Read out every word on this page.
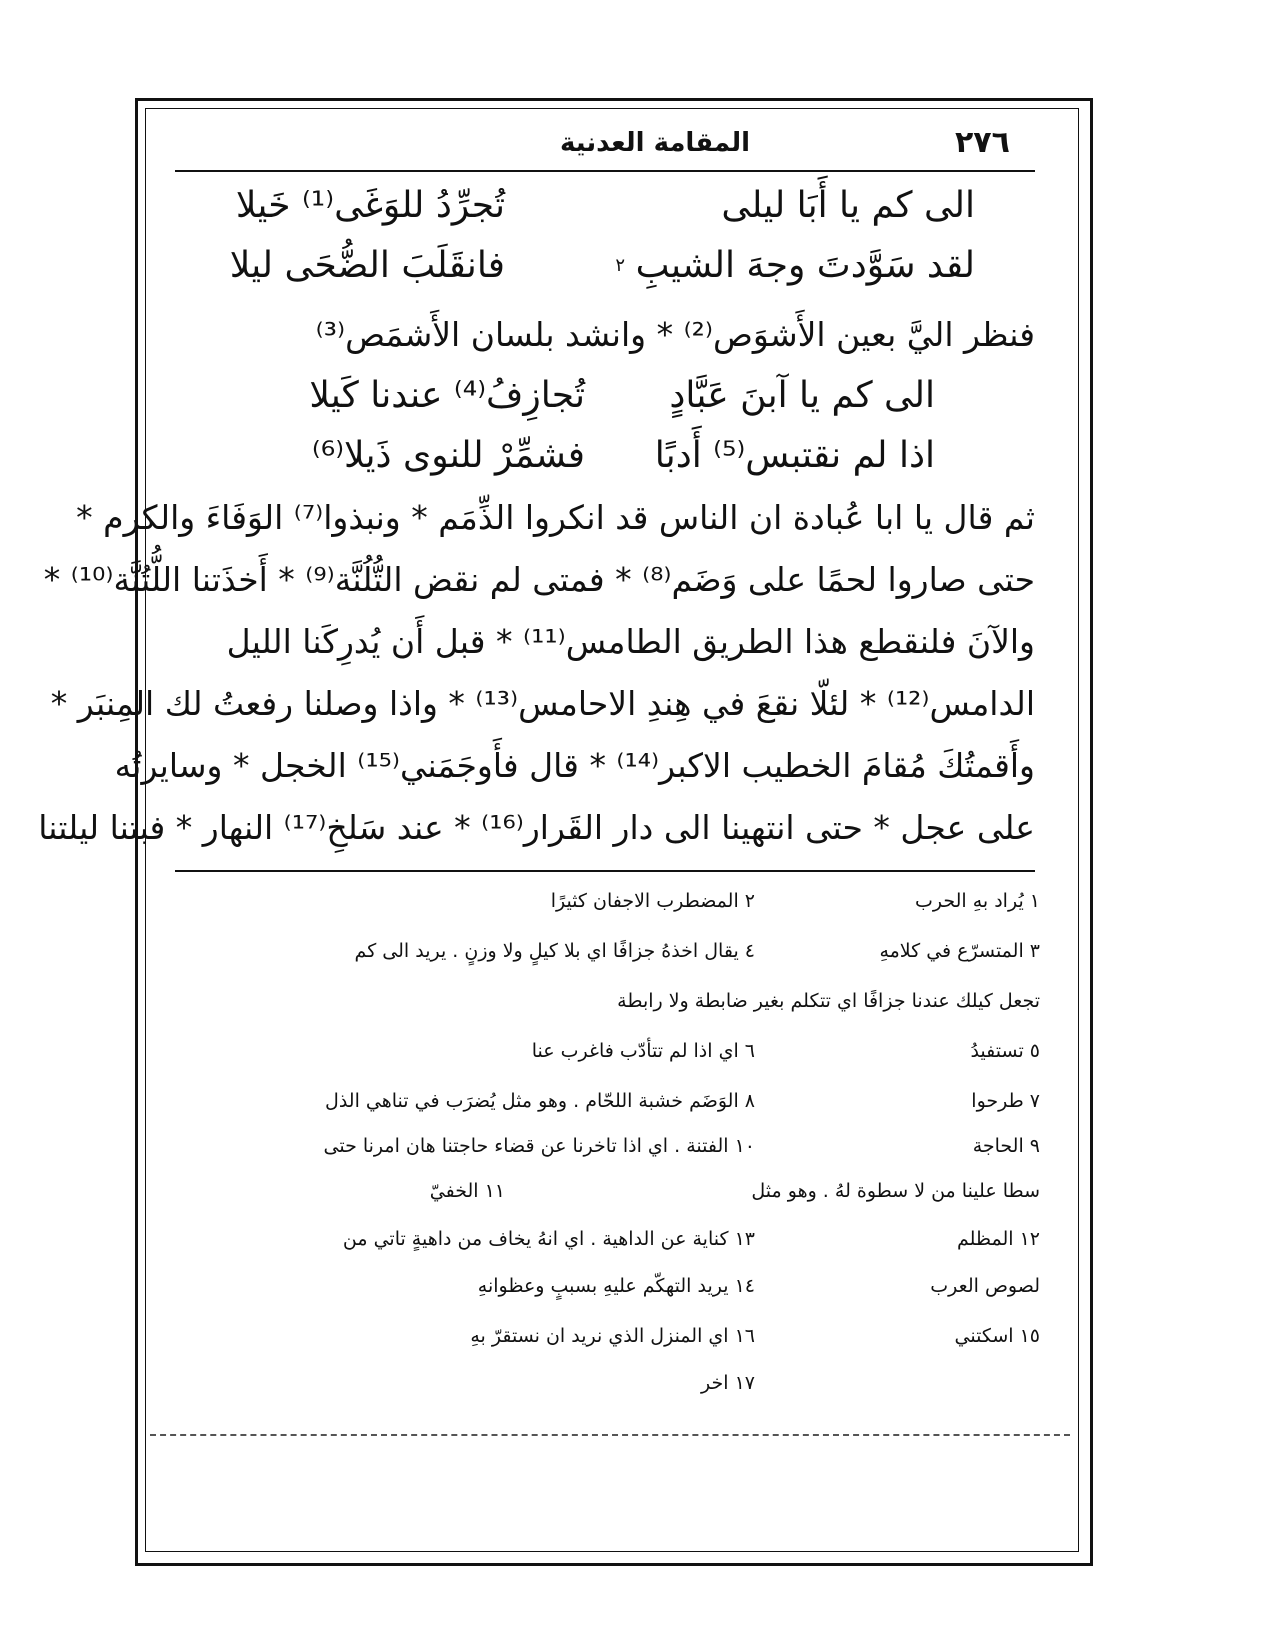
٢٧٦
المقامة العدنية
الى كم يا أَبَا ليلى
تُجرِّدُ للوَغَى⁽¹⁾ خَيلا
لقد سَوَّدتَ وجهَ الشيبِ
٢
فانقَلَبَ الضُّحَى ليلا
فنظر اليَّ بعين الأَشوَص⁽²⁾ * وانشد بلسان الأَشمَص⁽³⁾
الى كم يا آبنَ عَبَّادٍ
تُجازِفُ⁽⁴⁾ عندنا كَيلا
اذا لم نقتبس⁽⁵⁾ أَدبًا
فشمِّرْ للنوى ذَيلا⁽⁶⁾
ثم قال يا ابا عُبادة ان الناس قد انكروا الذِّمَم * ونبذوا⁽⁷⁾ الوَفَاءَ والكرم *
حتى صاروا لحمًا على وَضَم⁽⁸⁾ * فمتى لم نقض التُّلُنَّة⁽⁹⁾ * أَخذَتنا اللُّتُنَّة⁽¹⁰⁾ *
والآنَ فلنقطع هذا الطريق الطامس⁽¹¹⁾ * قبل أَن يُدرِكَنا الليل
الدامس⁽¹²⁾ * لئلّا نقعَ في هِندِ الاحامس⁽¹³⁾ * واذا وصلنا رفعتُ لك المِنبَر *
وأَقمتُكَ مُقامَ الخطيب الاكبر⁽¹⁴⁾ * قال فأَوجَمَني⁽¹⁵⁾ الخجل * وسايرتُه
على عجل * حتى انتهينا الى دار القَرار⁽¹⁶⁾ * عند سَلخِ⁽¹⁷⁾ النهار * فبتنا ليلتنا
١ يُراد بهِ الحرب
٢ المضطرب الاجفان كثيرًا
٣ المتسرّع في كلامهِ
٤ يقال اخذهُ جزافًا اي بلا كيلٍ ولا وزنٍ . يريد الى كم
تجعل كيلك عندنا جزافًا اي تتكلم بغير ضابطة ولا رابطة
٥ تستفيدُ
٦ اي اذا لم تتأدّب فاغرب عنا
٧ طرحوا
٨ الوَضَم خشبة اللحّام . وهو مثل يُضرَب في تناهي الذل
٩ الحاجة
١٠ الفتنة . اي اذا تاخرنا عن قضاء حاجتنا هان امرنا حتى
سطا علينا من لا سطوة لهُ . وهو مثل
١١ الخفيّ
١٢ المظلم
١٣ كناية عن الداهية . اي انهُ يخاف من داهيةٍ تاتي من
لصوص العرب
١٤ يريد التهكّم عليهِ بسببٍ وعظوانهِ
١٥ اسكتني
١٦ اي المنزل الذي نريد ان نستقرّ بهِ
١٧ اخر
